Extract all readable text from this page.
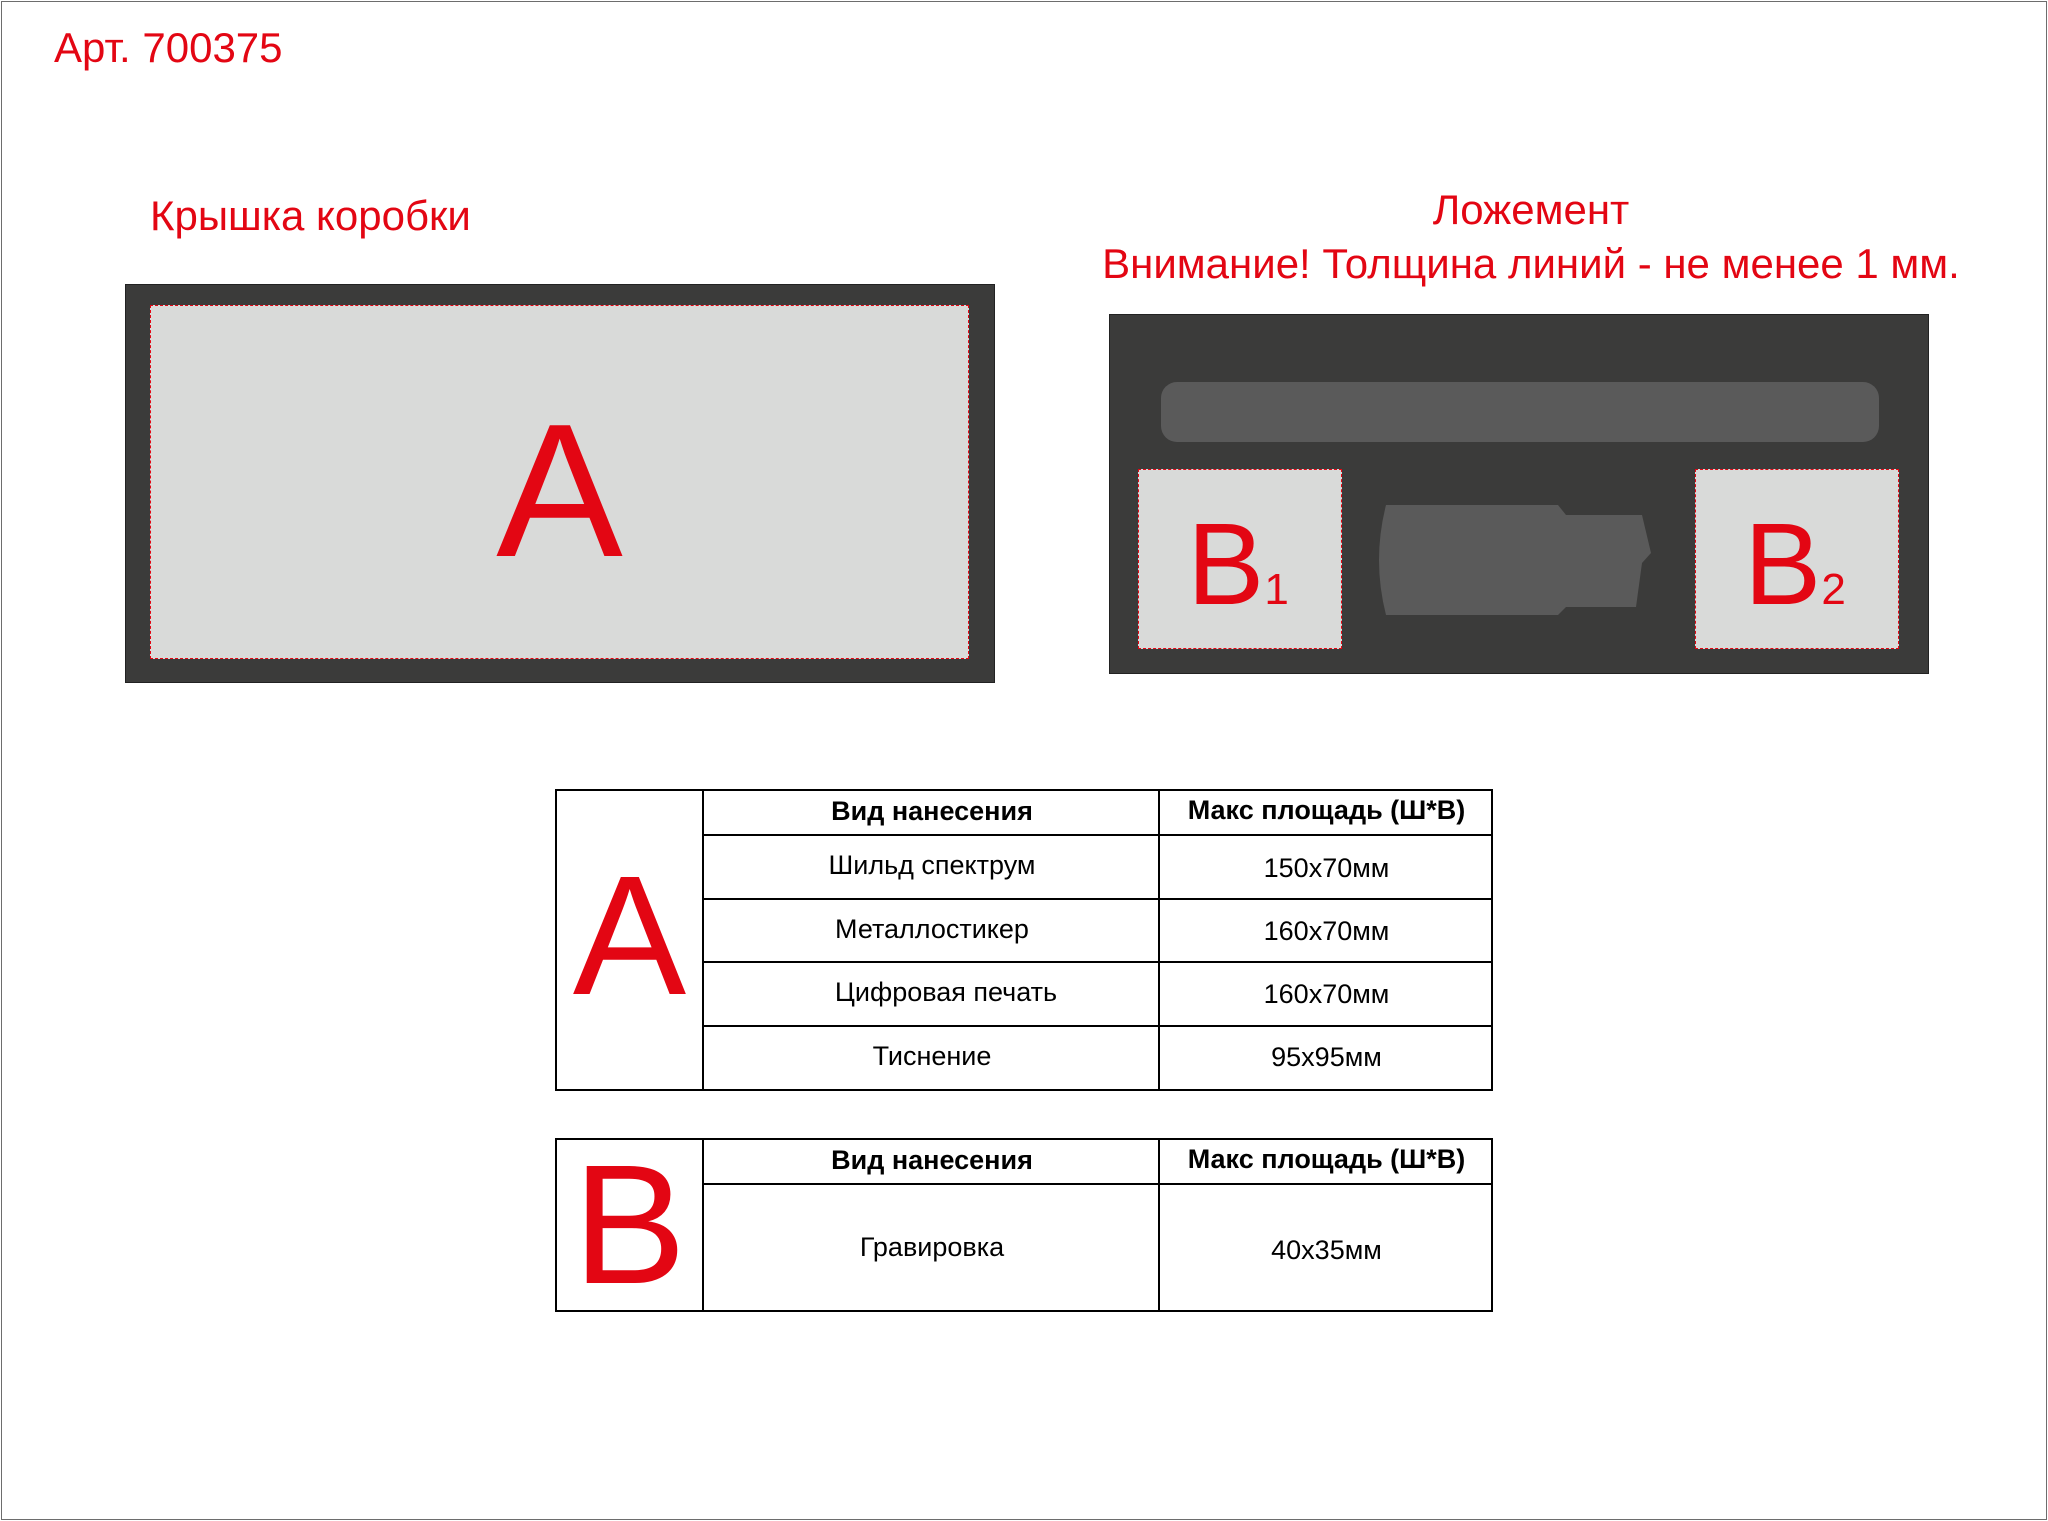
Арт. 700375
Крышка коробки	Ложемент
Внимание! Толщина линий - не менее 1 мм.
A	B1	B2
A
Вид нанесения	Макс площадь (Ш*В)
Шильд спектрум	150х70мм
Металлостикер	160х70мм
Цифровая печать	160х70мм
Тиснение	95х95мм
B	Вид нанесения	Макс площадь (Ш*В)
Гравировка	40х35мм
